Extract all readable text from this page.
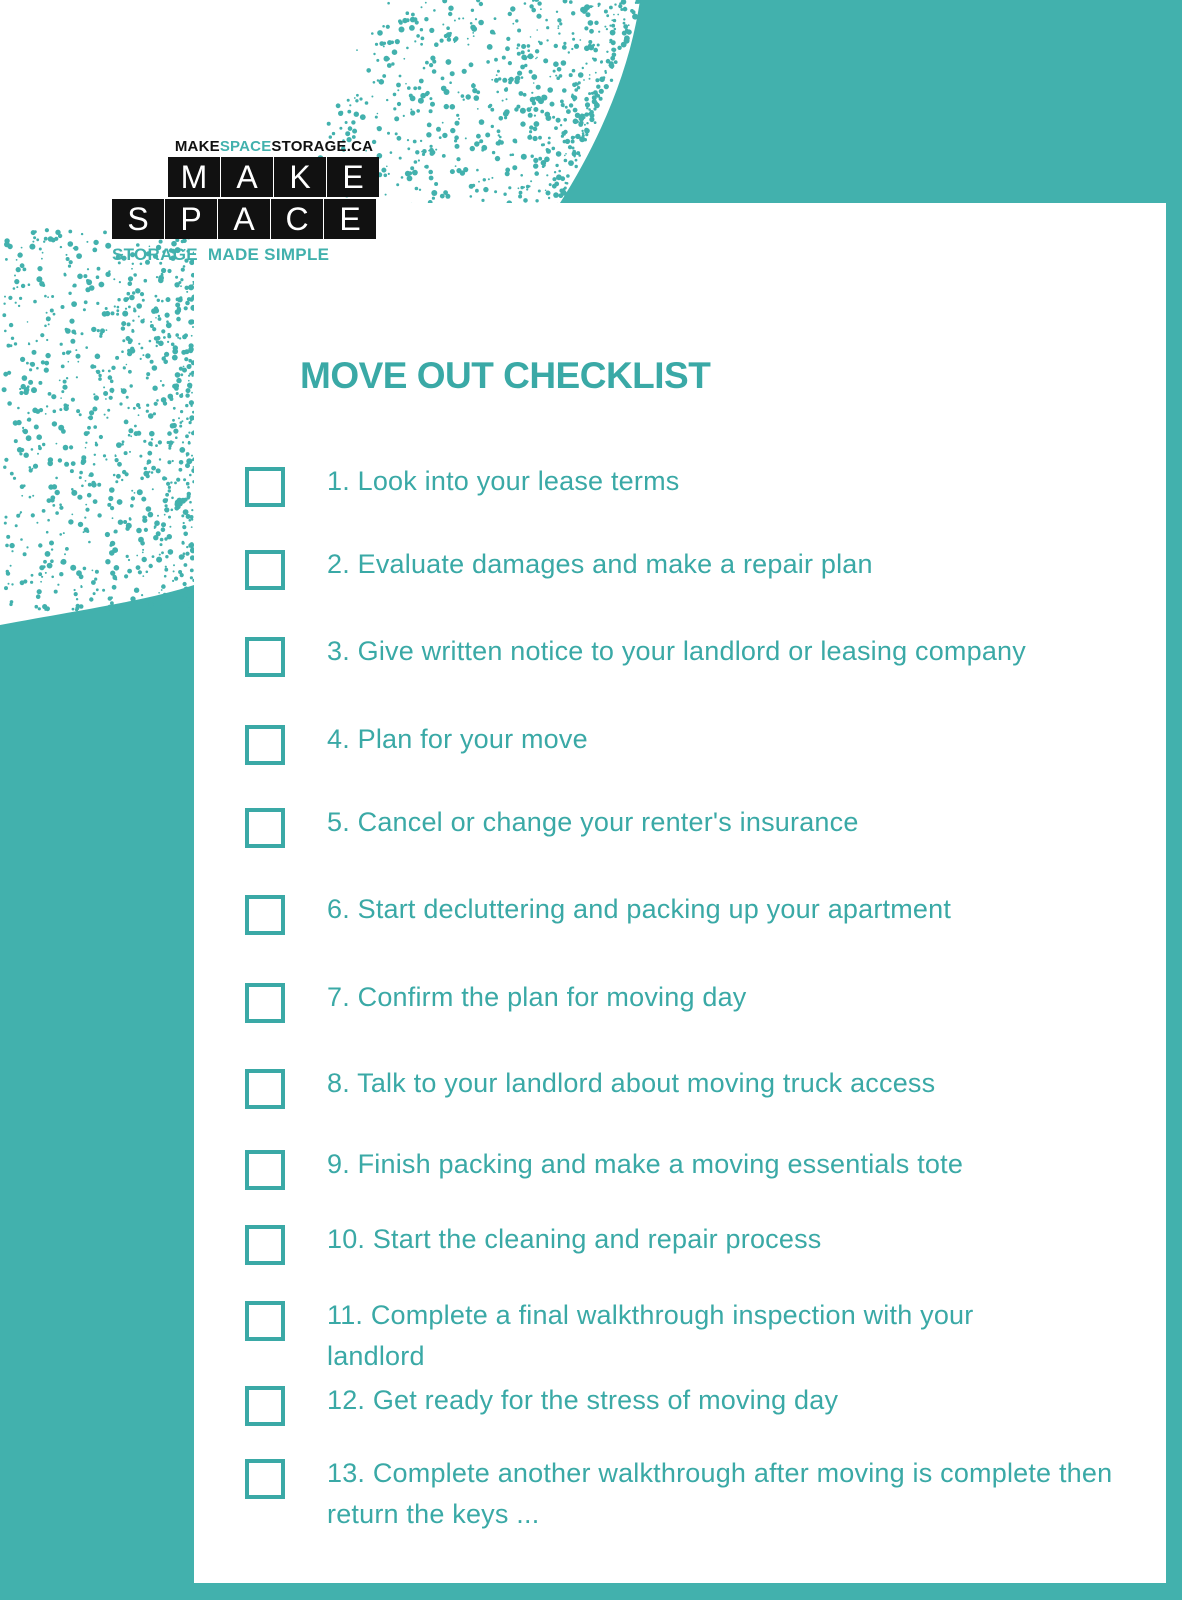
MAKESPACESTORAGE.CA
M A K E
S P A C E
STORAGE  MADE SIMPLE
MOVE OUT CHECKLIST
1. Look into your lease terms
2. Evaluate damages and make a repair plan
3. Give written notice to your landlord or leasing company
4. Plan for your move
5. Cancel or change your renter's insurance
6. Start decluttering and packing up your apartment
7. Confirm the plan for moving day
8. Talk to your landlord about moving truck access
9. Finish packing and make a moving essentials tote
10. Start the cleaning and repair process
11. Complete a final walkthrough inspection with your landlord
12. Get ready for the stress of moving day
13. Complete another walkthrough after moving is complete then return the keys ...
